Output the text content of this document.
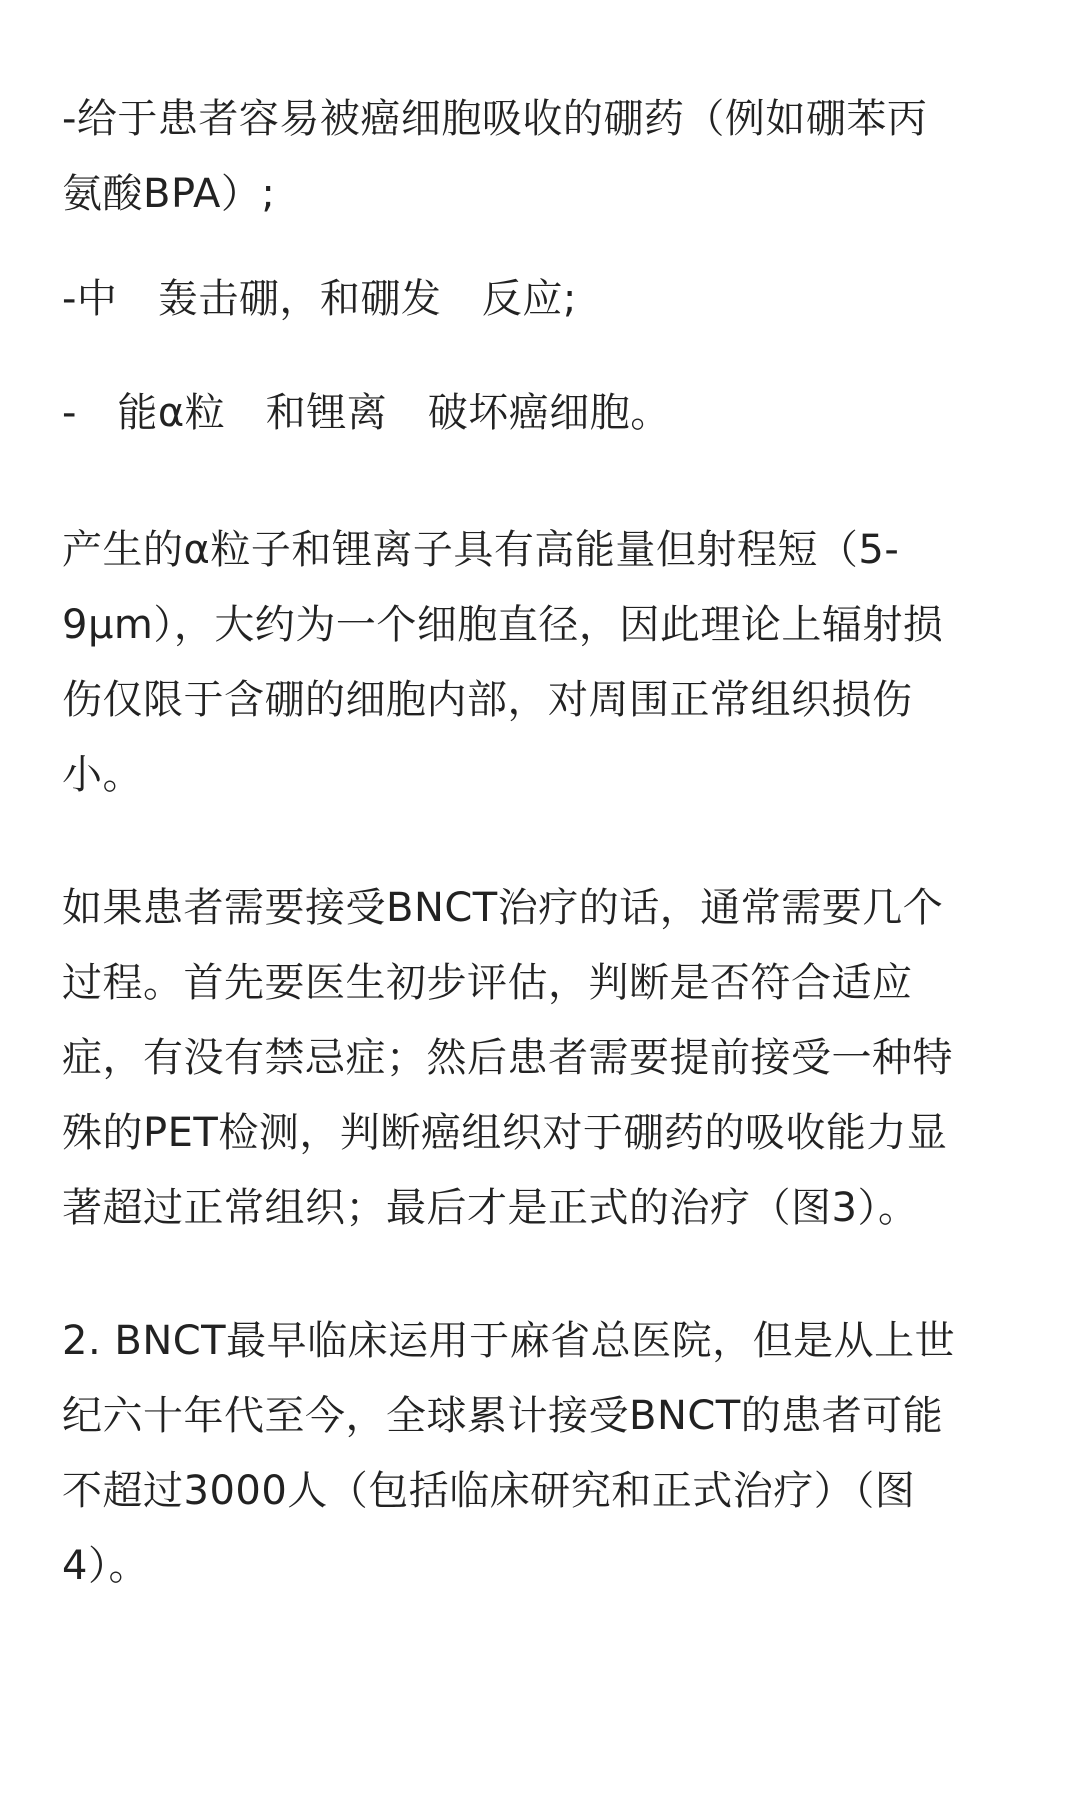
-给于患者容易被癌细胞吸收的硼药（例如硼苯丙
氨酸BPA）;

-中　轰击硼，和硼发　反应;

-　能α粒　和锂离　破坏癌细胞。

产生的α粒子和锂离子具有高能量但射程短（5-
9μm），大约为一个细胞直径，因此理论上辐射损
伤仅限于含硼的细胞内部，对周围正常组织损伤
小。

如果患者需要接受BNCT治疗的话，通常需要几个
过程。首先要医生初步评估，判断是否符合适应
症，有没有禁忌症；然后患者需要提前接受一种特
殊的PET检测，判断癌组织对于硼药的吸收能力显
著超过正常组织；最后才是正式的治疗（图3）。

2. BNCT最早临床运用于麻省总医院，但是从上世
纪六十年代至今，全球累计接受BNCT的患者可能
不超过3000人（包括临床研究和正式治疗）（图
4）。
